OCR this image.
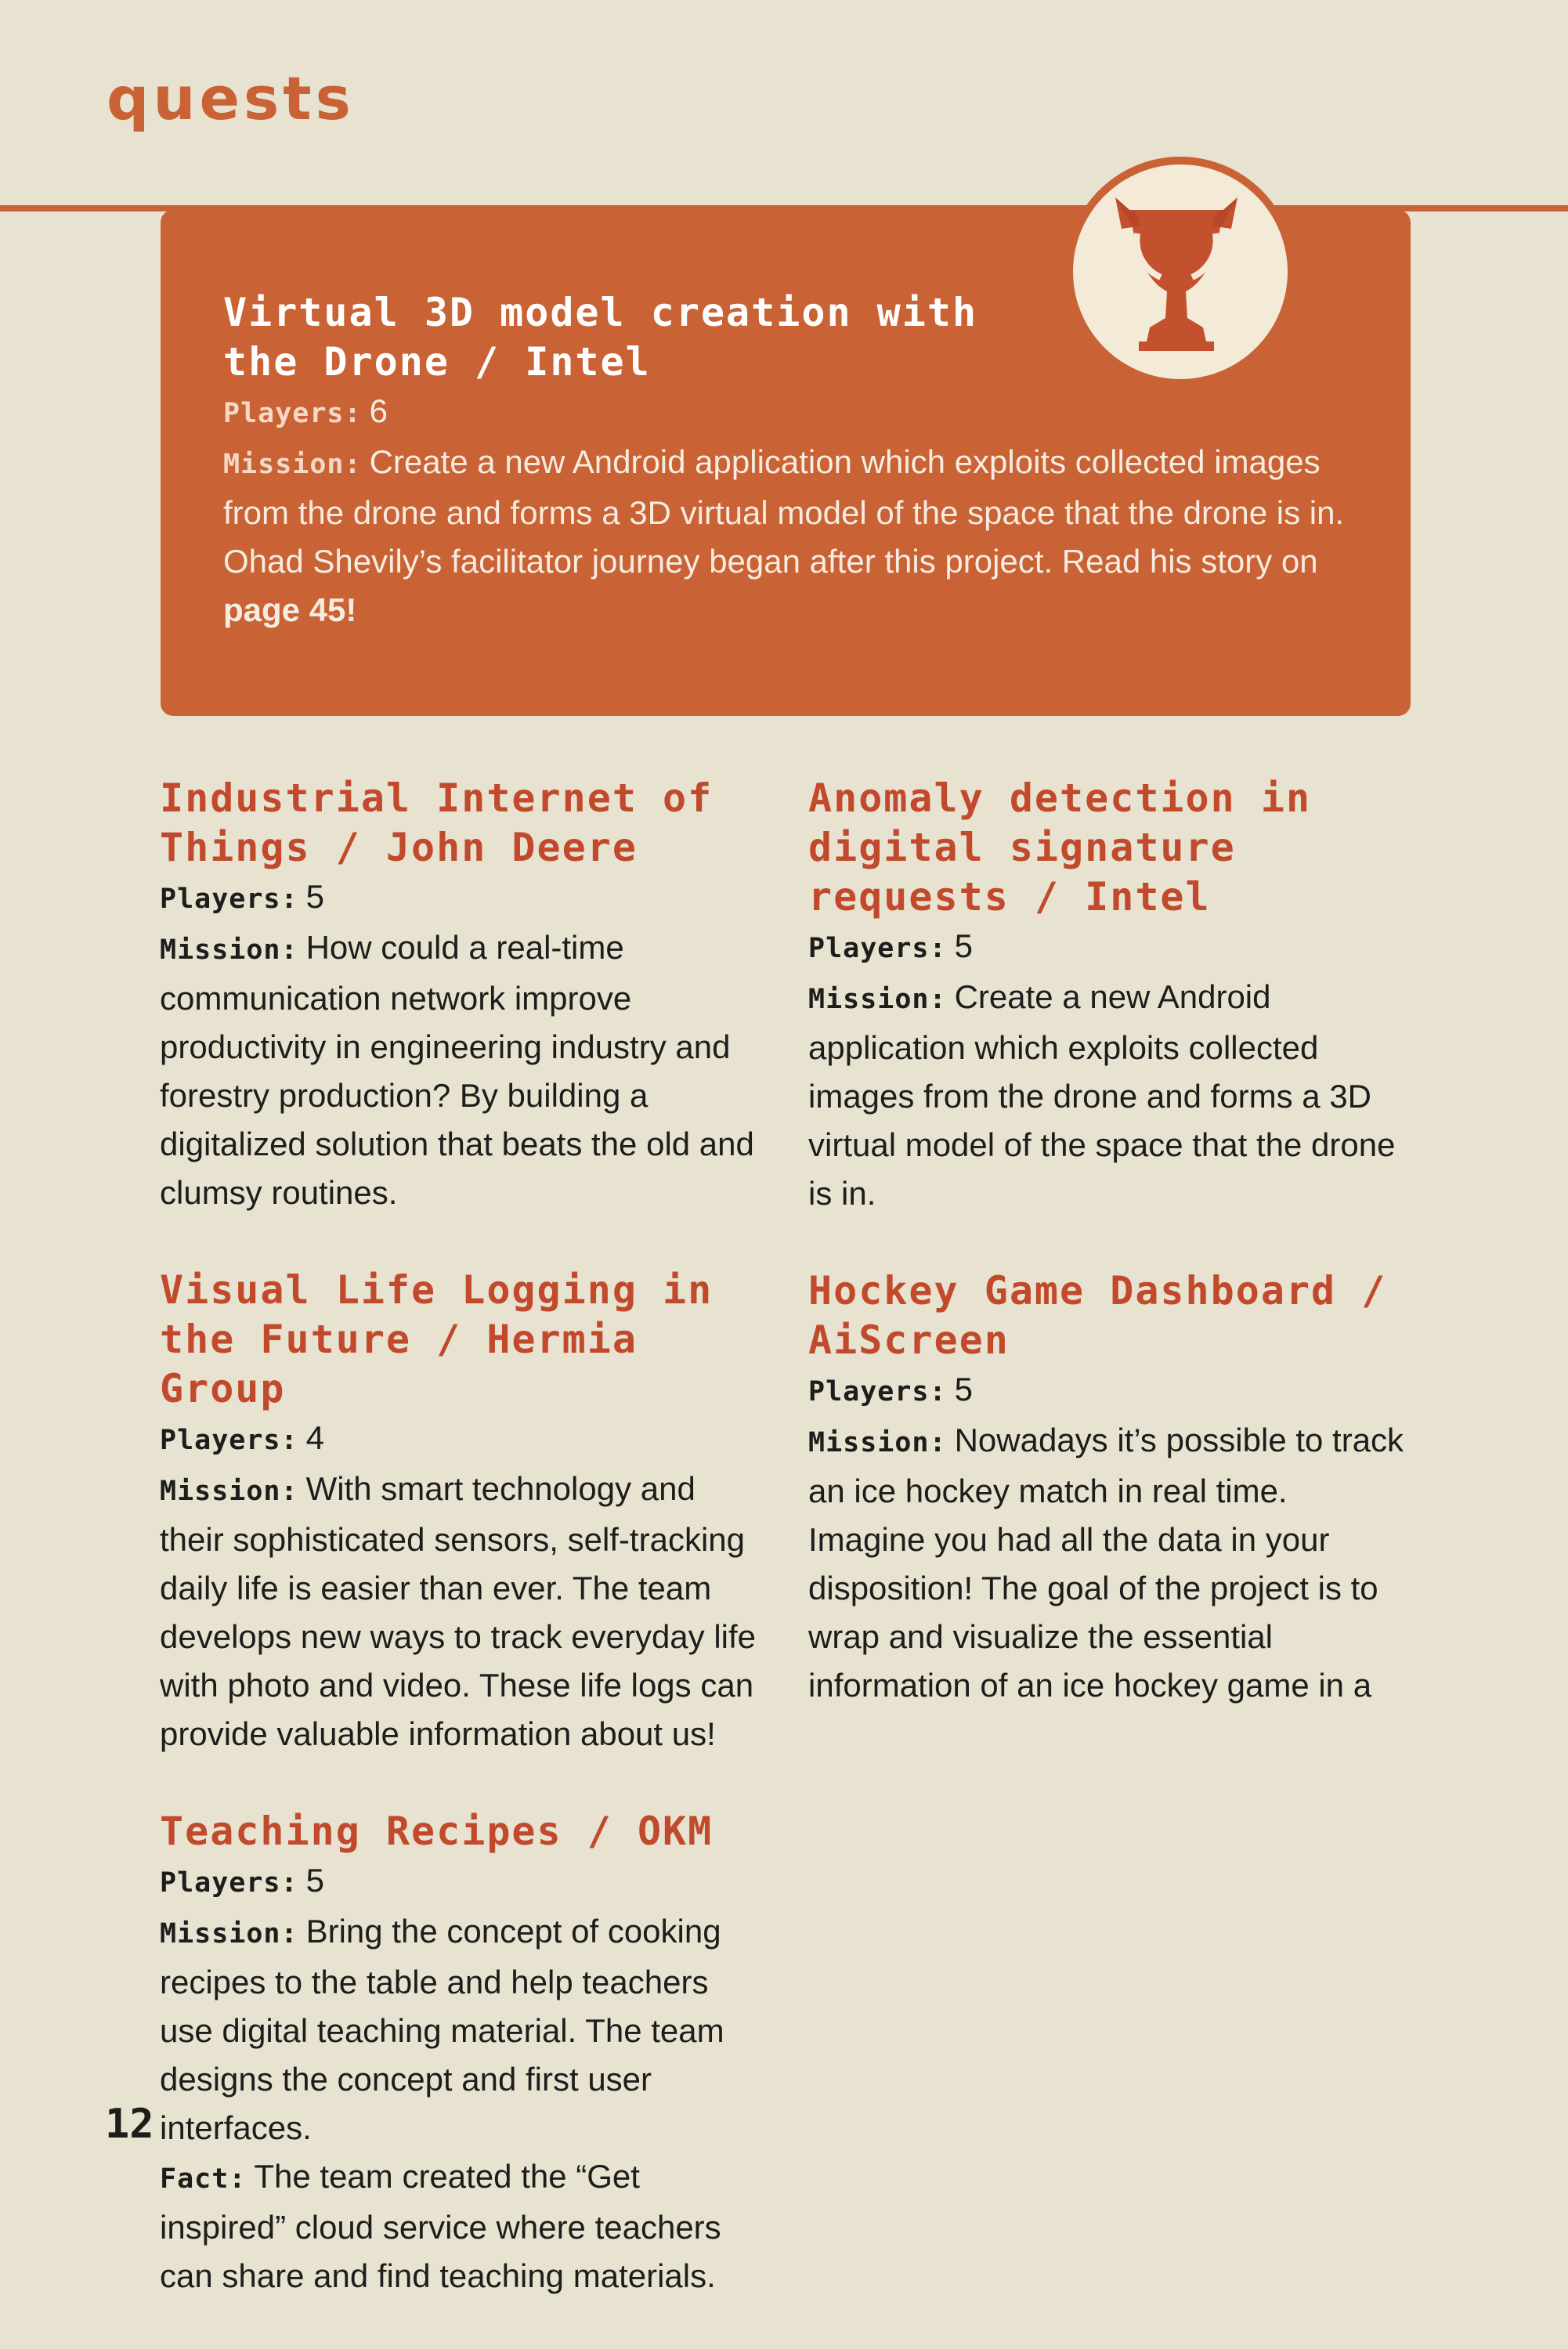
quests
Virtual 3D model creation with the Drone / Intel

Players: 6

Mission: Create a new Android application which exploits collected images from the drone and forms a 3D virtual model of the space that the drone is in. Ohad Shevily’s facilitator journey began after this project. Read his story on page 45!

Industrial Internet of Things / John Deere

Players: 5

Mission: How could a real-time communication network improve productivity in engineering industry and forestry production? By building a digitalized solution that beats the old and clumsy routines.

Visual Life Logging in the Future / Hermia Group

Players: 4

Mission: With smart technology and their sophisticated sensors, self-tracking daily life is easier than ever. The team develops new ways to track everyday life with photo and video. These life logs can provide valuable information about us!

Teaching Recipes / OKM

Players: 5

Mission: Bring the concept of cooking recipes to the table and help teachers use digital teaching material. The team designs the concept and first user interfaces.

Fact: The team created the “Get inspired” cloud service where teachers can share and find teaching materials.

Anomaly detection in digital signature requests / Intel

Players: 5

Mission: Create a new Android application which exploits collected images from the drone and forms a 3D virtual model of the space that the drone is in.

Hockey Game Dashboard / AiScreen

Players: 5

Mission: Nowadays it’s possible to track an ice hockey match in real time. Imagine you had all the data in your disposition! The goal of the project is to wrap and visualize the essential information of an ice hockey game in a

12
